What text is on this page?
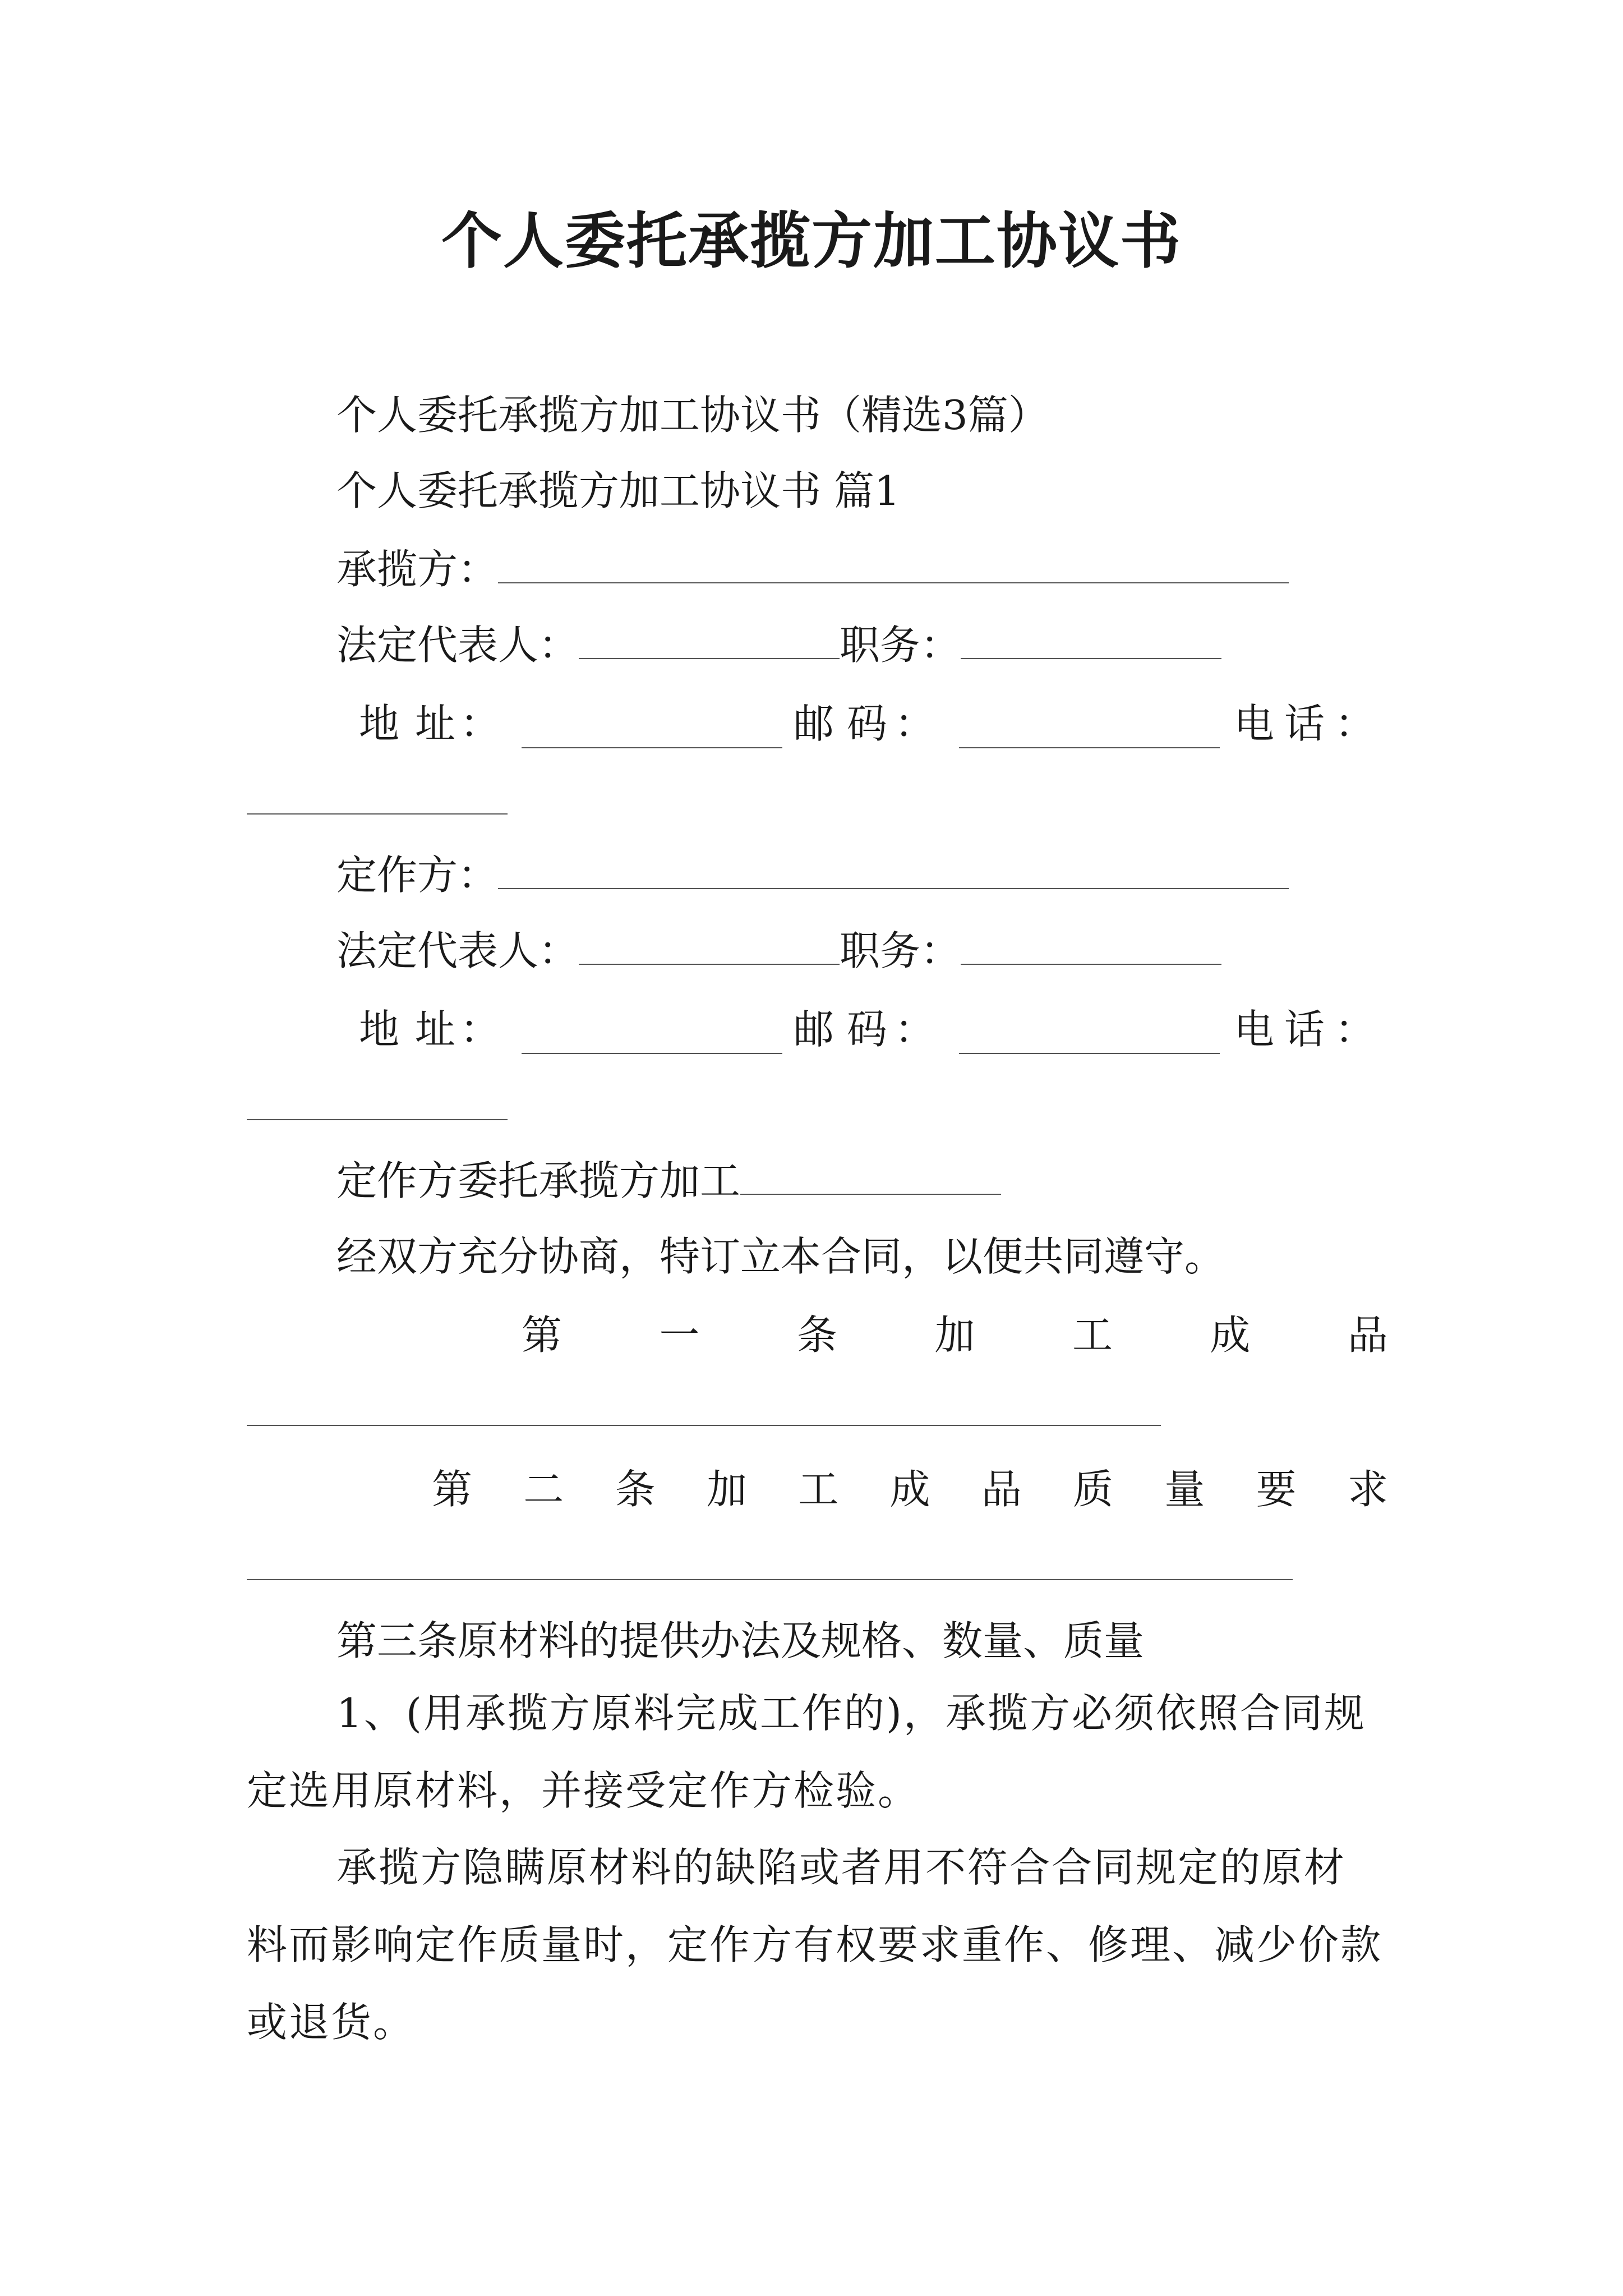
个人委托承揽方加工协议书
个人委托承揽方加工协议书（精选3篇）
个人委托承揽方加工协议书 篇1
承揽方：
法定代表人：	职务：
地 址 ：	邮 码 ：	电 话 ：
定作方：
法定代表人：	职务：
地 址 ：	邮 码 ：	电 话 ：
定作方委托承揽方加工
经双方充分协商，特订立本合同，以便共同遵守。
第 一 条 加 工 成 品
第 二 条 加 工 成 品 质 量 要 求
第三条原材料的提供办法及规格、数量、质量
1、(用承揽方原料完成工作的)，承揽方必须依照合同规定选用原材料，并接受定作方检验。
承揽方隐瞒原材料的缺陷或者用不符合合同规定的原材料而影响定作质量时，定作方有权要求重作、修理、减少价款或退货。
